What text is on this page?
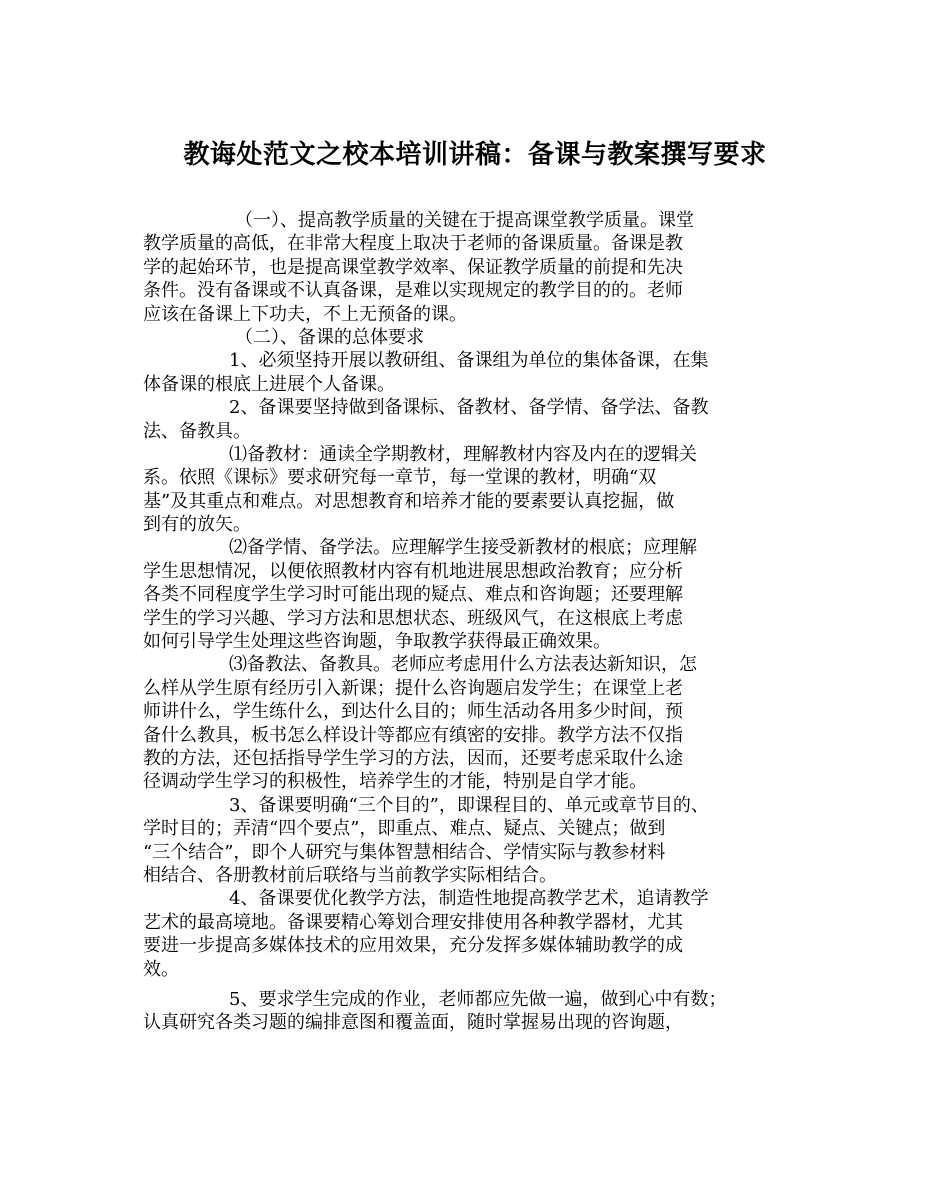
教诲处范文之校本培训讲稿：备课与教案撰写要求
（一）、提高教学质量的关键在于提高课堂教学质量。课堂
教学质量的高低，在非常大程度上取决于老师的备课质量。备课是教
学的起始环节，也是提高课堂教学效率、保证教学质量的前提和先决
条件。没有备课或不认真备课，是难以实现规定的教学目的的。老师
应该在备课上下功夫，不上无预备的课。
（二）、备课的总体要求
1、必须坚持开展以教研组、备课组为单位的集体备课，在集
体备课的根底上进展个人备课。
2、备课要坚持做到备课标、备教材、备学情、备学法、备教
法、备教具。
⑴备教材：通读全学期教材，理解教材内容及内在的逻辑关
系。依照《课标》要求研究每一章节，每一堂课的教材，明确“双
基”及其重点和难点。对思想教育和培养才能的要素要认真挖掘，做
到有的放矢。
⑵备学情、备学法。应理解学生接受新教材的根底；应理解
学生思想情况，以便依照教材内容有机地进展思想政治教育；应分析
各类不同程度学生学习时可能出现的疑点、难点和咨询题；还要理解
学生的学习兴趣、学习方法和思想状态、班级风气，在这根底上考虑
如何引导学生处理这些咨询题，争取教学获得最正确效果。
⑶备教法、备教具。老师应考虑用什么方法表达新知识，怎
么样从学生原有经历引入新课；提什么咨询题启发学生；在课堂上老
师讲什么，学生练什么，到达什么目的；师生活动各用多少时间，预
备什么教具，板书怎么样设计等都应有缜密的安排。教学方法不仅指
教的方法，还包括指导学生学习的方法，因而，还要考虑采取什么途
径调动学生学习的积极性，培养学生的才能，特别是自学才能。
3、备课要明确“三个目的”，即课程目的、单元或章节目的、
学时目的；弄清“四个要点”，即重点、难点、疑点、关键点；做到
“三个结合”，即个人研究与集体智慧相结合、学情实际与教参材料
相结合、各册教材前后联络与当前教学实际相结合。
4、备课要优化教学方法，制造性地提高教学艺术，追请教学
艺术的最高境地。备课要精心筹划合理安排使用各种教学器材，尤其
要进一步提高多媒体技术的应用效果，充分发挥多媒体辅助教学的成
效。
5、要求学生完成的作业，老师都应先做一遍，做到心中有数；
认真研究各类习题的编排意图和覆盖面，随时掌握易出现的咨询题，
